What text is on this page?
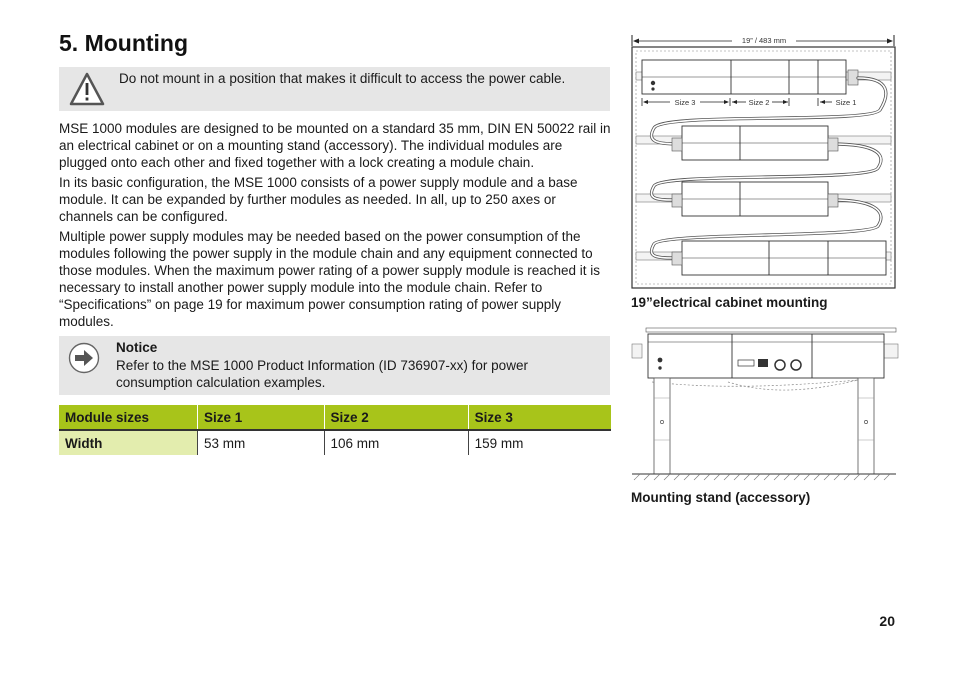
5. Mounting
Do not mount in a position that makes it difficult to access the power cable.

MSE 1000 modules are designed to be mounted on a standard 35 mm, DIN EN 50022 rail in an electrical cabinet or on a mounting stand (accessory). The individual modules are plugged onto each other and fixed together with a lock creating a module chain.

In its basic configuration, the MSE 1000 consists of a power supply module and a base module. It can be expanded by further modules as needed. In all, up to 250 axes or channels can be configured.

Multiple power supply modules may be needed based on the power consumption of the modules following the power supply in the module chain and any equipment connected to those modules. When the maximum power rating of a power supply module is reached it is necessary to install another power supply module into the module chain. Refer to “Specifications” on page 19 for maximum power consumption rating of power supply modules.

Notice
Refer to the MSE 1000 Product Information (ID 736907-xx) for power consumption calculation examples.
Module sizes	Size 1	Size 2	Size 3
Width	53 mm	106 mm	159 mm
19” / 483 mm
Size 3	Size 2	Size 1
19”electrical cabinet mounting
Mounting stand (accessory)
20
